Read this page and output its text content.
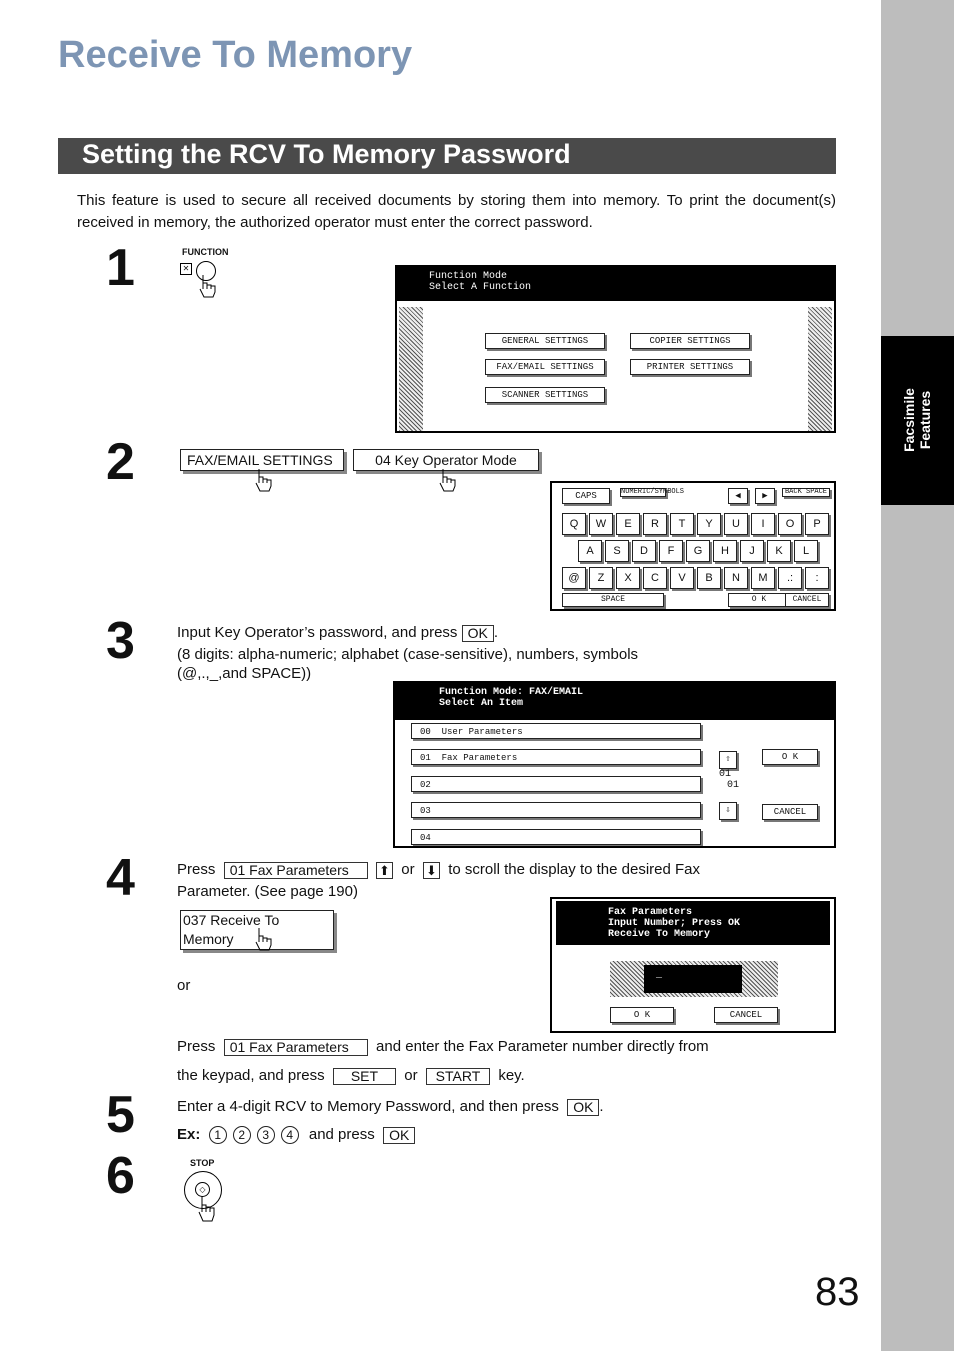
Facsimile Features
Receive To Memory
Setting the RCV To Memory Password
This feature is used to secure all received documents by storing them into memory. To print the document(s) received in memory, the authorized operator must enter the correct password.
1	FUNCTION
✕
Function Mode
Select A Function
GENERAL SETTINGS	COPIER SETTINGS
FAX/EMAIL SETTINGS	PRINTER SETTINGS
SCANNER SETTINGS
2	FAX/EMAIL SETTINGS	04 Key Operator Mode
CAPS	NUMERIC/SYMBOLS	◀	▶	BACK SPACE
Q	W	E	R	T	Y	U	I	O	P
A	S	D	F	G	H	J	K	L
@	Z	X	C	V	B	N	M	.:	:
SPACE	O K	CANCEL
3	Input Key Operator’s password, and press OK .
(8 digits: alpha-numeric; alphabet (case-sensitive), numbers, symbols
(@,.,_,and SPACE))
Function Mode: FAX/EMAIL
Select An Item
00 User Parameters
01 Fax Parameters
02
03
04
⇧
01
01
⇩
O K
CANCEL
4	Press 01 Fax Parameters ⬆ or ⬇ to scroll the display to the desired Fax
Parameter. (See page 190)
037 Receive To Memory
or
Fax Parameters
Input Number; Press OK
Receive To Memory
_
O K	CANCEL
Press 01 Fax Parameters and enter the Fax Parameter number directly from
the keypad, and press SET or START key.
5	Enter a 4-digit RCV to Memory Password, and then press OK .
Ex: 1 2 3 4 and press OK
6	STOP
◇
83
